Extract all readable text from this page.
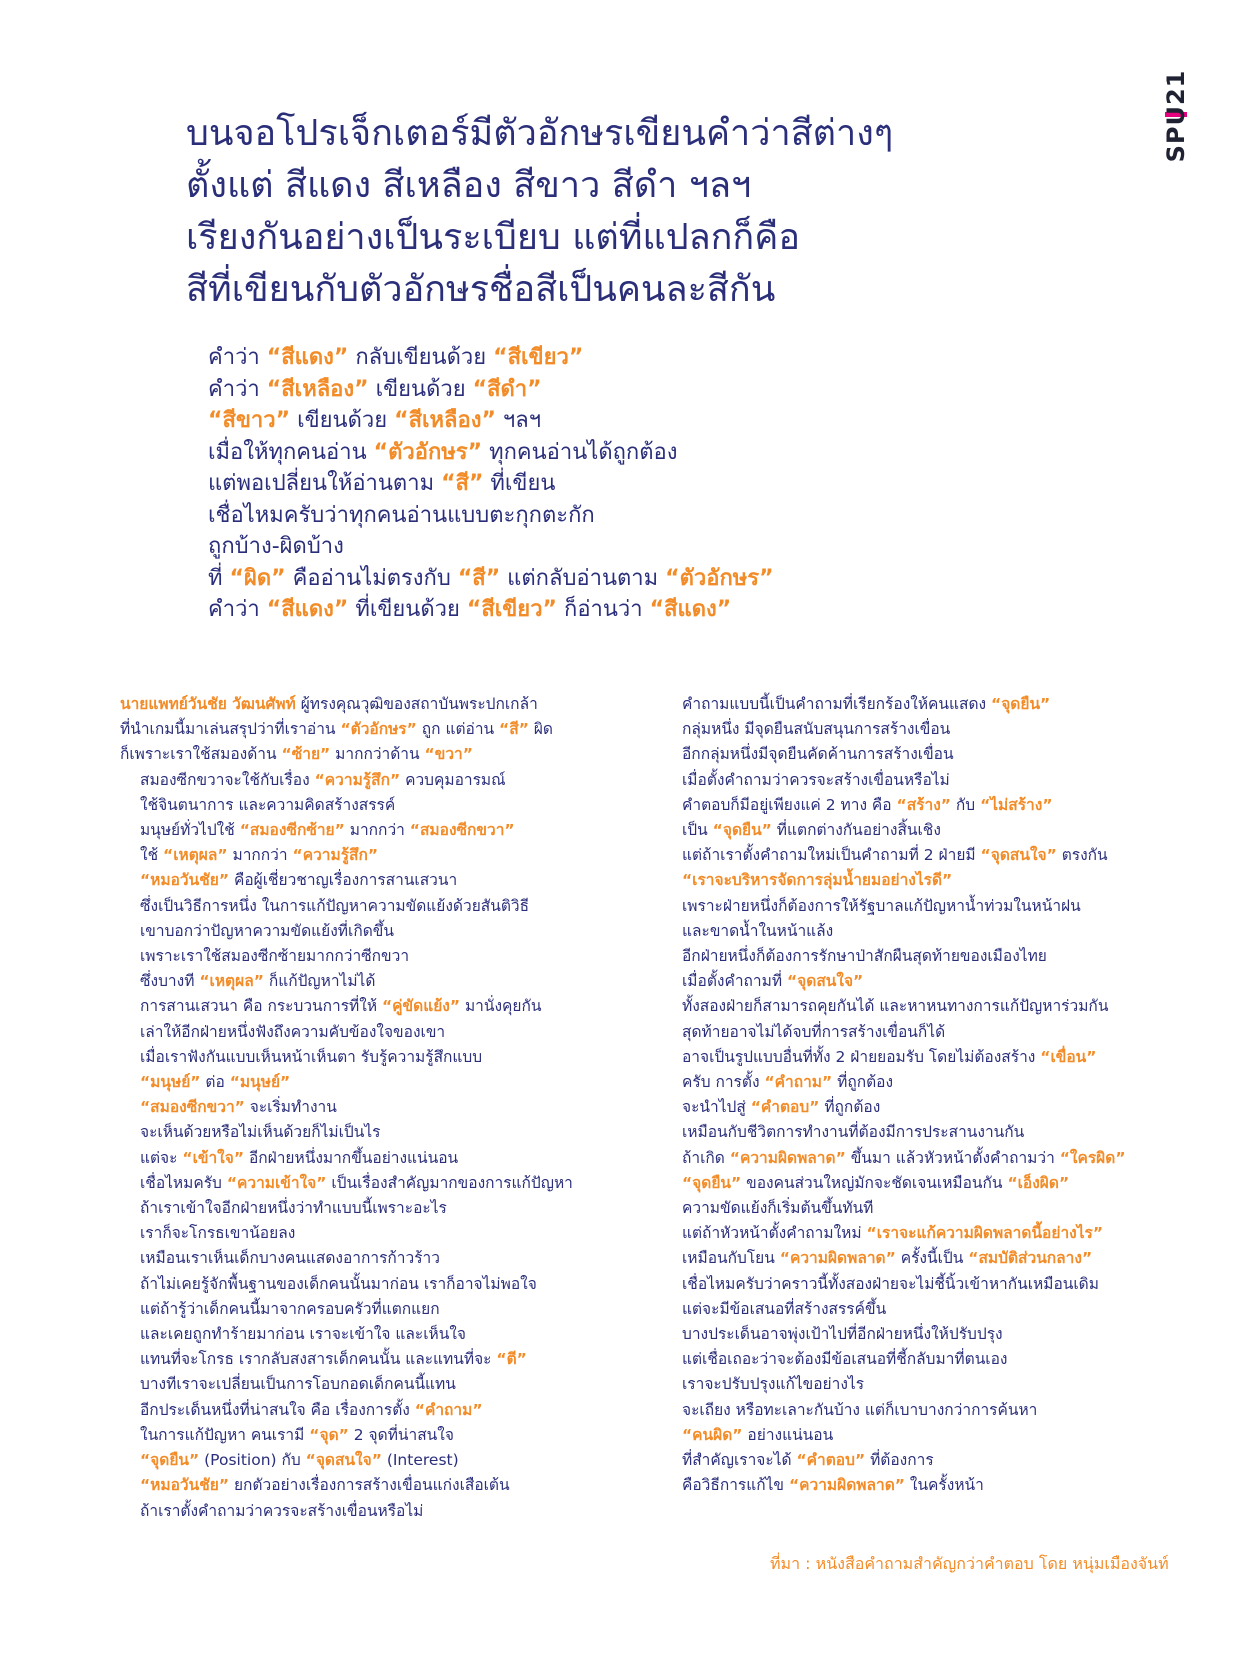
SPU21
บนจอโปรเจ็กเตอร์มีตัวอักษรเขียนคำว่าสีต่างๆ
ตั้งแต่ สีแดง สีเหลือง สีขาว สีดำ ฯลฯ
เรียงกันอย่างเป็นระเบียบ แต่ที่แปลกก็คือ
สีที่เขียนกับตัวอักษรชื่อสีเป็นคนละสีกัน
คำว่า “สีแดง” กลับเขียนด้วย “สีเขียว”
คำว่า “สีเหลือง” เขียนด้วย “สีดำ”
“สีขาว” เขียนด้วย “สีเหลือง” ฯลฯ
เมื่อให้ทุกคนอ่าน “ตัวอักษร” ทุกคนอ่านได้ถูกต้อง
แต่พอเปลี่ยนให้อ่านตาม “สี” ที่เขียน
เชื่อไหมครับว่าทุกคนอ่านแบบตะกุกตะกัก
ถูกบ้าง-ผิดบ้าง
ที่ “ผิด” คืออ่านไม่ตรงกับ “สี” แต่กลับอ่านตาม “ตัวอักษร”
คำว่า “สีแดง” ที่เขียนด้วย “สีเขียว” ก็อ่านว่า “สีแดง”
นายแพทย์วันชัย วัฒนศัพท์ ผู้ทรงคุณวุฒิของสถาบันพระปกเกล้า
ที่นำเกมนี้มาเล่นสรุปว่าที่เราอ่าน “ตัวอักษร” ถูก แต่อ่าน “สี” ผิด
ก็เพราะเราใช้สมองด้าน “ซ้าย” มากกว่าด้าน “ขวา”
สมองซีกขวาจะใช้กับเรื่อง “ความรู้สึก” ควบคุมอารมณ์
ใช้จินตนาการ และความคิดสร้างสรรค์
มนุษย์ทั่วไปใช้ “สมองซีกซ้าย” มากกว่า “สมองซีกขวา”
ใช้ “เหตุผล” มากกว่า “ความรู้สึก”
“หมอวันชัย” คือผู้เชี่ยวชาญเรื่องการสานเสวนา
ซึ่งเป็นวิธีการหนึ่ง ในการแก้ปัญหาความขัดแย้งด้วยสันติวิธี
เขาบอกว่าปัญหาความขัดแย้งที่เกิดขึ้น
เพราะเราใช้สมองซีกซ้ายมากกว่าซีกขวา
ซึ่งบางที “เหตุผล” ก็แก้ปัญหาไม่ได้
การสานเสวนา คือ กระบวนการที่ให้ “คู่ขัดแย้ง” มานั่งคุยกัน
เล่าให้อีกฝ่ายหนึ่งฟังถึงความคับข้องใจของเขา
เมื่อเราฟังกันแบบเห็นหน้าเห็นตา รับรู้ความรู้สึกแบบ
“มนุษย์” ต่อ “มนุษย์”
“สมองซีกขวา” จะเริ่มทำงาน
จะเห็นด้วยหรือไม่เห็นด้วยก็ไม่เป็นไร
แต่จะ “เข้าใจ” อีกฝ่ายหนึ่งมากขึ้นอย่างแน่นอน
เชื่อไหมครับ “ความเข้าใจ” เป็นเรื่องสำคัญมากของการแก้ปัญหา
ถ้าเราเข้าใจอีกฝ่ายหนึ่งว่าทำแบบนี้เพราะอะไร
เราก็จะโกรธเขาน้อยลง
เหมือนเราเห็นเด็กบางคนแสดงอาการก้าวร้าว
ถ้าไม่เคยรู้จักพื้นฐานของเด็กคนนั้นมาก่อน เราก็อาจไม่พอใจ
แต่ถ้ารู้ว่าเด็กคนนี้มาจากครอบครัวที่แตกแยก
และเคยถูกทำร้ายมาก่อน เราจะเข้าใจ และเห็นใจ
แทนที่จะโกรธ เรากลับสงสารเด็กคนนั้น และแทนที่จะ “ตี”
บางทีเราจะเปลี่ยนเป็นการโอบกอดเด็กคนนี้แทน
อีกประเด็นหนึ่งที่น่าสนใจ คือ เรื่องการตั้ง “คำถาม”
ในการแก้ปัญหา คนเรามี “จุด” 2 จุดที่น่าสนใจ
“จุดยืน” (Position) กับ “จุดสนใจ” (Interest)
“หมอวันชัย” ยกตัวอย่างเรื่องการสร้างเขื่อนแก่งเสือเต้น
ถ้าเราตั้งคำถามว่าควรจะสร้างเขื่อนหรือไม่
คำถามแบบนี้เป็นคำถามที่เรียกร้องให้คนแสดง “จุดยืน”
กลุ่มหนึ่ง มีจุดยืนสนับสนุนการสร้างเขื่อน
อีกกลุ่มหนึ่งมีจุดยืนคัดค้านการสร้างเขื่อน
เมื่อตั้งคำถามว่าควรจะสร้างเขื่อนหรือไม่
คำตอบก็มีอยู่เพียงแค่ 2 ทาง คือ “สร้าง” กับ “ไม่สร้าง”
เป็น “จุดยืน” ที่แตกต่างกันอย่างสิ้นเชิง
แต่ถ้าเราตั้งคำถามใหม่เป็นคำถามที่ 2 ฝ่ายมี “จุดสนใจ” ตรงกัน
“เราจะบริหารจัดการลุ่มน้ำยมอย่างไรดี”
เพราะฝ่ายหนึ่งก็ต้องการให้รัฐบาลแก้ปัญหาน้ำท่วมในหน้าฝน
และขาดน้ำในหน้าแล้ง
อีกฝ่ายหนึ่งก็ต้องการรักษาป่าสักผืนสุดท้ายของเมืองไทย
เมื่อตั้งคำถามที่ “จุดสนใจ”
ทั้งสองฝ่ายก็สามารถคุยกันได้ และหาหนทางการแก้ปัญหาร่วมกัน
สุดท้ายอาจไม่ได้จบที่การสร้างเขื่อนก็ได้
อาจเป็นรูปแบบอื่นที่ทั้ง 2 ฝ่ายยอมรับ โดยไม่ต้องสร้าง “เขื่อน”
ครับ การตั้ง “คำถาม” ที่ถูกต้อง
จะนำไปสู่ “คำตอบ” ที่ถูกต้อง
เหมือนกับชีวิตการทำงานที่ต้องมีการประสานงานกัน
ถ้าเกิด “ความผิดพลาด” ขึ้นมา แล้วหัวหน้าตั้งคำถามว่า “ใครผิด”
“จุดยืน” ของคนส่วนใหญ่มักจะชัดเจนเหมือนกัน “เอ็งผิด”
ความขัดแย้งก็เริ่มต้นขึ้นทันที
แต่ถ้าหัวหน้าตั้งคำถามใหม่ “เราจะแก้ความผิดพลาดนี้อย่างไร”
เหมือนกับโยน “ความผิดพลาด” ครั้งนี้เป็น “สมบัติส่วนกลาง”
เชื่อไหมครับว่าคราวนี้ทั้งสองฝ่ายจะไม่ชี้นิ้วเข้าหากันเหมือนเดิม
แต่จะมีข้อเสนอที่สร้างสรรค์ขึ้น
บางประเด็นอาจพุ่งเป้าไปที่อีกฝ่ายหนึ่งให้ปรับปรุง
แต่เชื่อเถอะว่าจะต้องมีข้อเสนอที่ชี้กลับมาที่ตนเอง
เราจะปรับปรุงแก้ไขอย่างไร
จะเถียง หรือทะเลาะกันบ้าง แต่ก็เบาบางกว่าการค้นหา
“คนผิด” อย่างแน่นอน
ที่สำคัญเราจะได้ “คำตอบ” ที่ต้องการ
คือวิธีการแก้ไข “ความผิดพลาด” ในครั้งหน้า
ที่มา : หนังสือคำถามสำคัญกว่าคำตอบ โดย หนุ่มเมืองจันท์
